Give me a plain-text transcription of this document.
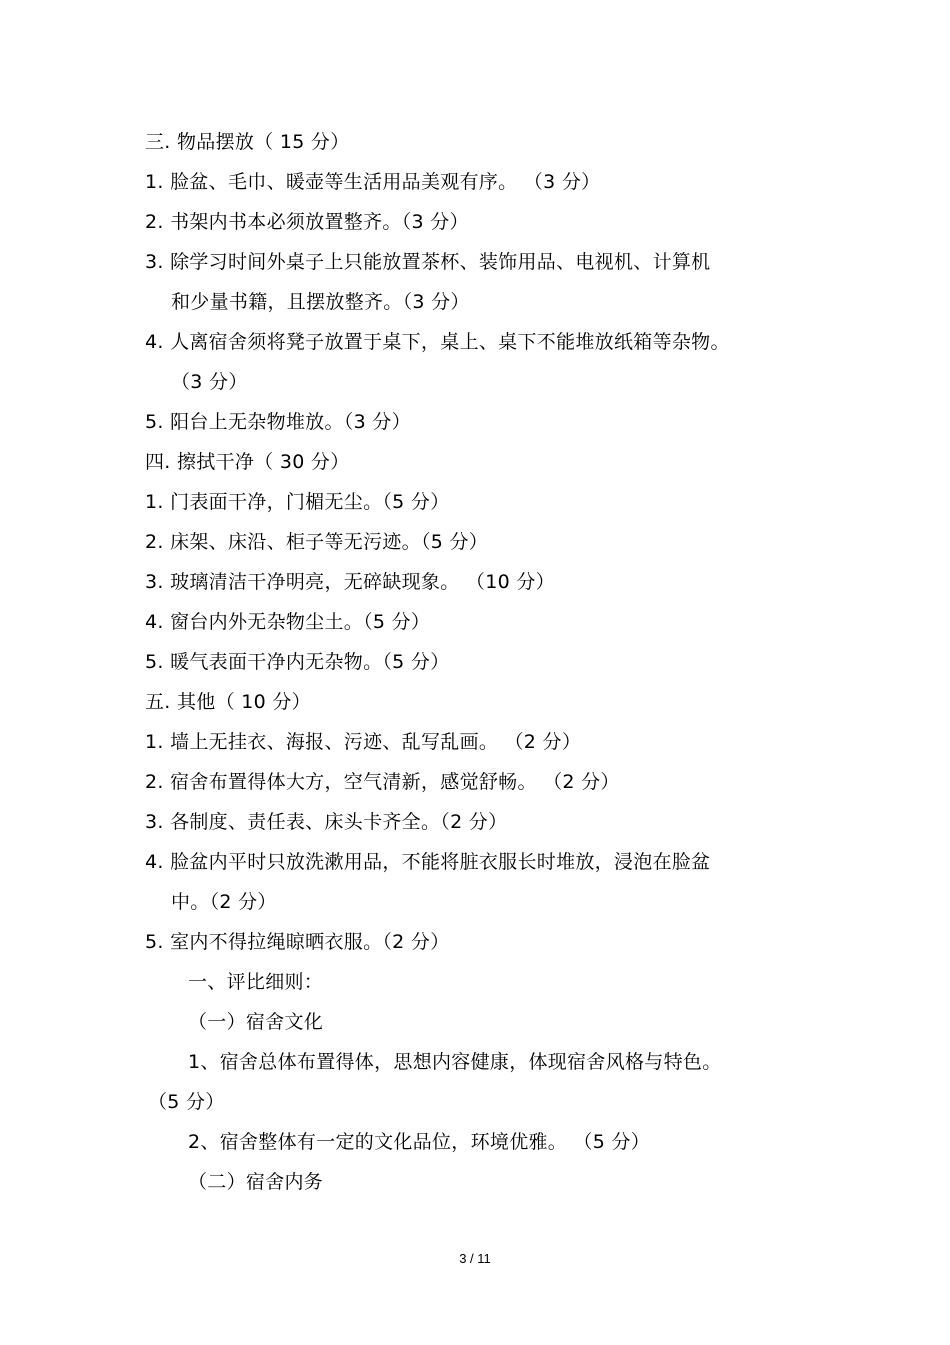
三. 物品摆放（ 15 分）
1. 脸盆、毛巾、暖壶等生活用品美观有序。 （3 分）
2. 书架内书本必须放置整齐。（3 分）
3. 除学习时间外桌子上只能放置茶杯、装饰用品、电视机、计算机
和少量书籍，且摆放整齐。（3 分）
4. 人离宿舍须将凳子放置于桌下，桌上、桌下不能堆放纸箱等杂物。
（3 分）
5. 阳台上无杂物堆放。（3 分）
四. 擦拭干净（ 30 分）
1. 门表面干净，门楣无尘。（5 分）
2. 床架、床沿、柜子等无污迹。（5 分）
3. 玻璃清洁干净明亮，无碎缺现象。 （10 分）
4. 窗台内外无杂物尘土。（5 分）
5. 暖气表面干净内无杂物。（5 分）
五. 其他（ 10 分）
1. 墙上无挂衣、海报、污迹、乱写乱画。 （2 分）
2. 宿舍布置得体大方，空气清新，感觉舒畅。 （2 分）
3. 各制度、责任表、床头卡齐全。（2 分）
4. 脸盆内平时只放洗漱用品，不能将脏衣服长时堆放，浸泡在脸盆
中。（2 分）
5. 室内不得拉绳晾晒衣服。（2 分）
一、评比细则：
（一）宿舍文化
1、宿舍总体布置得体，思想内容健康，体现宿舍风格与特色。
（5 分）
2、宿舍整体有一定的文化品位，环境优雅。 （5 分）
（二）宿舍内务
3 / 11
